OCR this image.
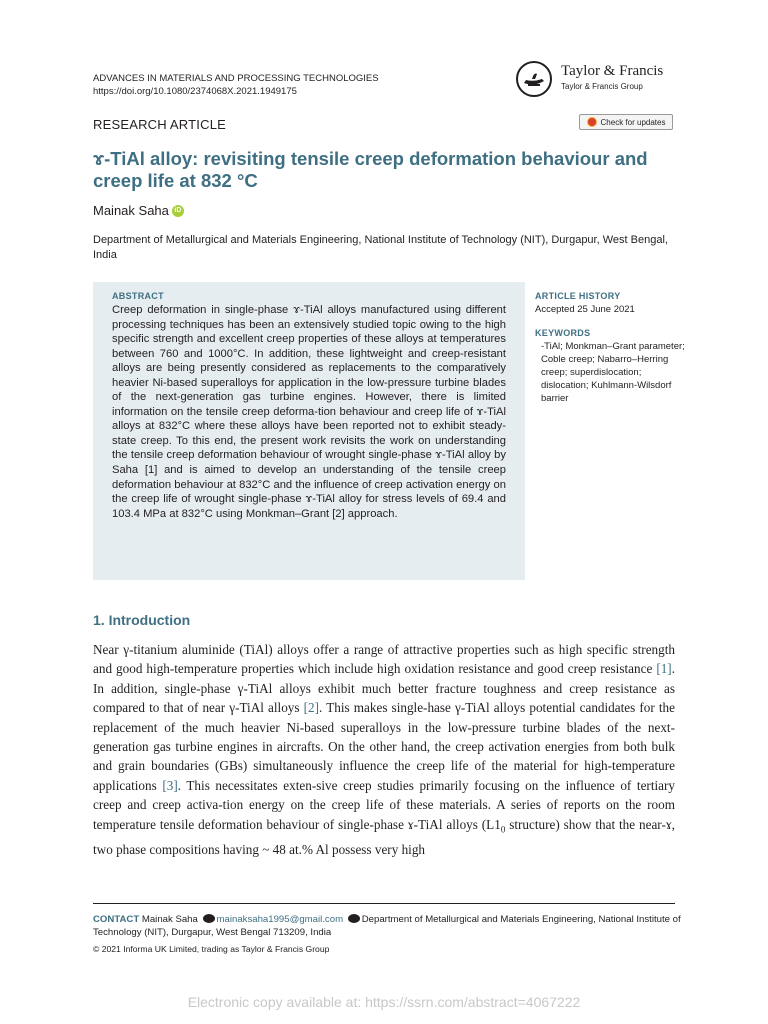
ADVANCES IN MATERIALS AND PROCESSING TECHNOLOGIES
https://doi.org/10.1080/2374068X.2021.1949175
Taylor & Francis
Taylor & Francis Group
RESEARCH ARTICLE	Check for updates
ɤ-TiAl alloy: revisiting tensile creep deformation behaviour and creep life at 832 °C
Mainak Saha iD
Department of Metallurgical and Materials Engineering, National Institute of Technology (NIT), Durgapur, West Bengal, India
ABSTRACT
Creep deformation in single-phase ɤ-TiAl alloys manufactured using different processing techniques has been an extensively studied topic owing to the high specific strength and excellent creep properties of these alloys at temperatures between 760 and 1000°C. In addition, these lightweight and creep-resistant alloys are being presently considered as replacements to the comparatively heavier Ni-based superalloys for application in the low-pressure turbine blades of the next-generation gas turbine engines. However, there is limited information on the tensile creep deforma-tion behaviour and creep life of ɤ-TiAl alloys at 832°C where these alloys have been reported not to exhibit steady-state creep. To this end, the present work revisits the work on understanding the tensile creep deformation behaviour of wrought single-phase ɤ-TiAl alloy by Saha [1] and is aimed to develop an understanding of the tensile creep deformation behaviour at 832°C and the influence of creep activation energy on the creep life of wrought single-phase ɤ-TiAl alloy for stress levels of 69.4 and 103.4 MPa at 832°C using Monkman–Grant [2] approach.
ARTICLE HISTORY
Accepted 25 June 2021
KEYWORDS
-TiAl; Monkman–Grant parameter; Coble creep; Nabarro–Herring creep; superdislocation; dislocation; Kuhlmann-Wilsdorf barrier
1. Introduction
Near γ-titanium aluminide (TiAl) alloys offer a range of attractive properties such as high specific strength and good high-temperature properties which include high oxidation resistance and good creep resistance [1]. In addition, single-phase γ-TiAl alloys exhibit much better fracture toughness and creep resistance as compared to that of near γ-TiAl alloys [2]. This makes single-hase γ-TiAl alloys potential candidates for the replacement of the much heavier Ni-based superalloys in the low-pressure turbine blades of the next-generation gas turbine engines in aircrafts. On the other hand, the creep activation energies from both bulk and grain boundaries (GBs) simultaneously influence the creep life of the material for high-temperature applications [3]. This necessitates exten-sive creep studies primarily focusing on the influence of tertiary creep and creep activa-tion energy on the creep life of these materials. A series of reports on the room temperature tensile deformation behaviour of single-phase ɤ-TiAl alloys ($L1_0$ structure) show that the near-ɤ, two phase compositions having ~ 48 at.% Al possess very high
CONTACT Mainak Saha mainaksaha1995@gmail.com Department of Metallurgical and Materials Engineering, National Institute of Technology (NIT), Durgapur, West Bengal 713209, India
© 2021 Informa UK Limited, trading as Taylor & Francis Group
Electronic copy available at: https://ssrn.com/abstract=4067222
